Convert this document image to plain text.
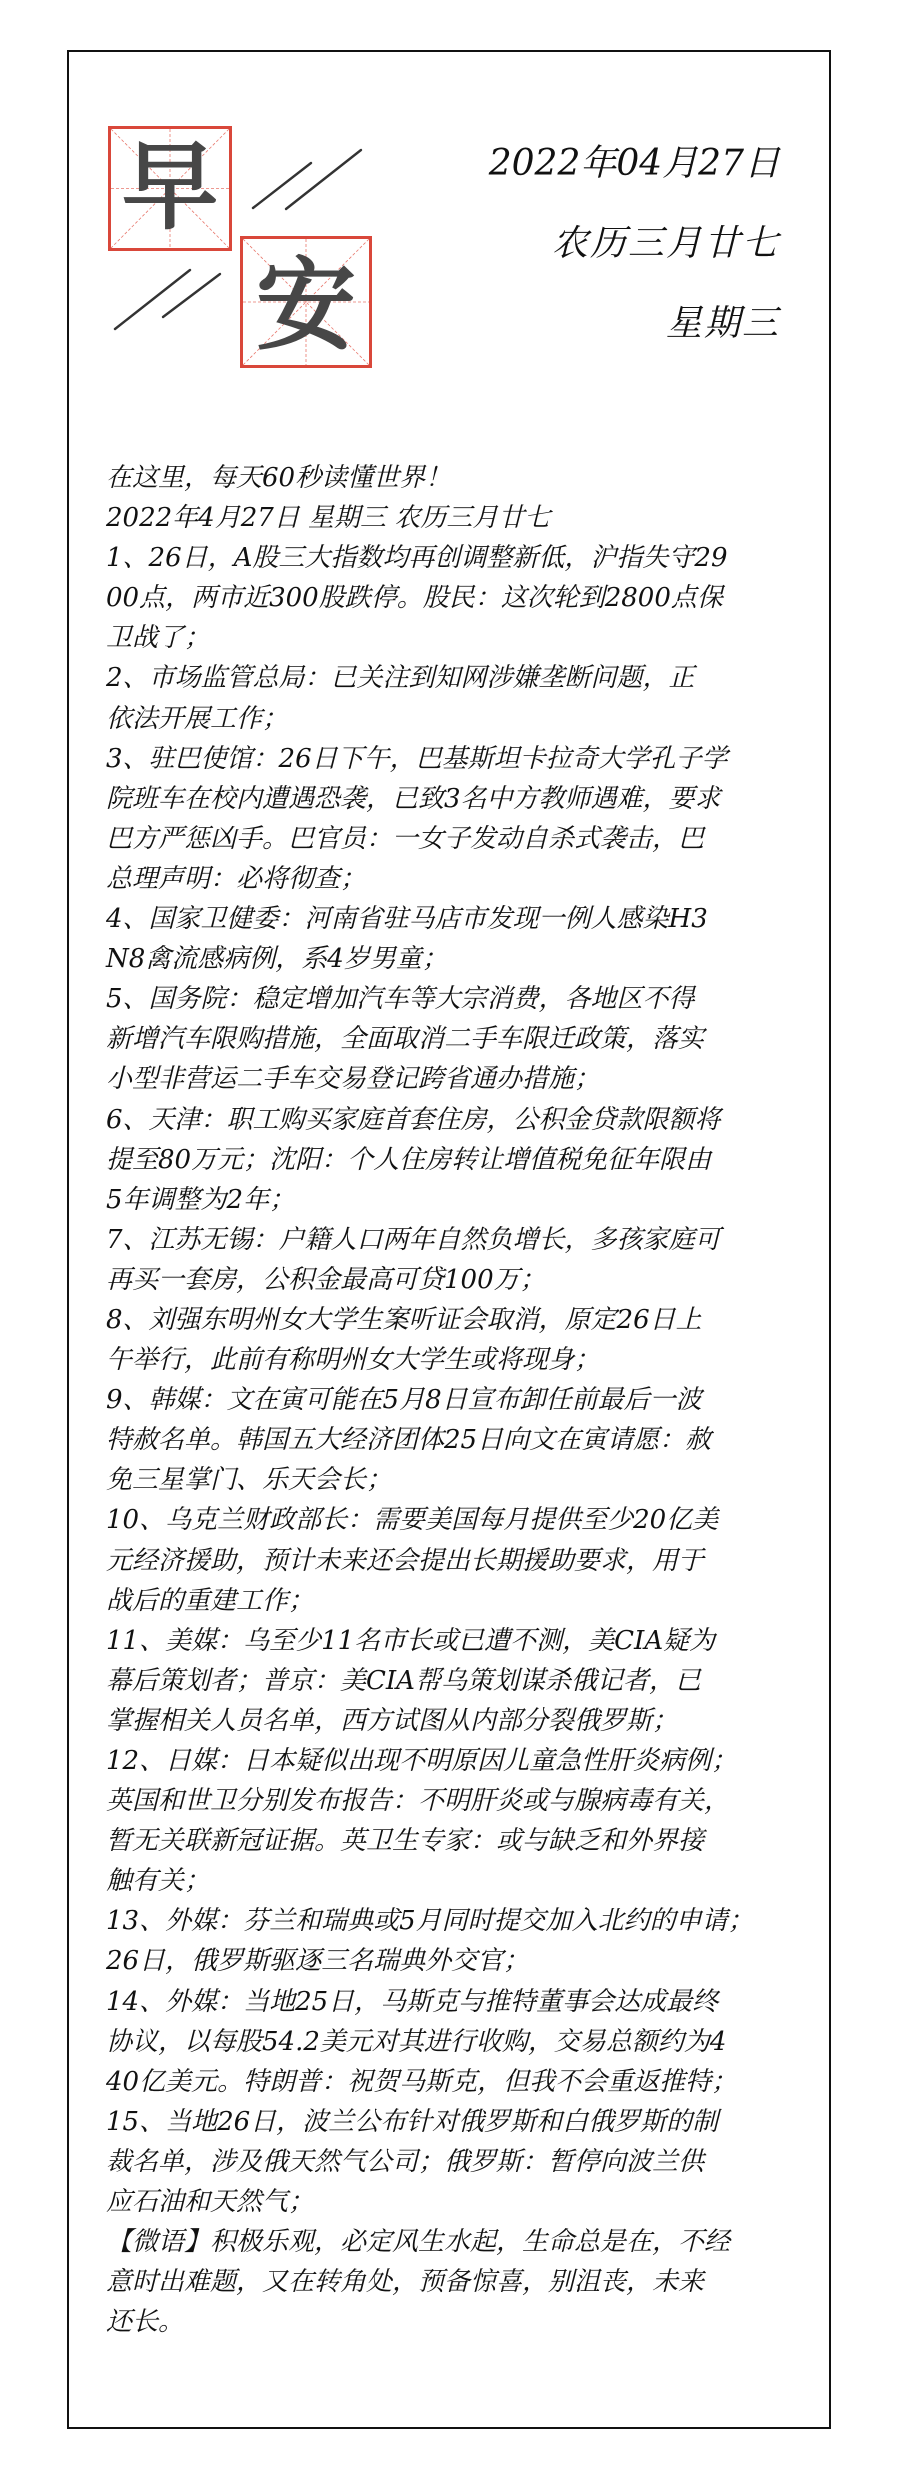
早
安
2022年04月27日
农历三月廿七
星期三
在这里，每天60秒读懂世界！
2022年4月27日 星期三 农历三月廿七
1、26日，A股三大指数均再创调整新低，沪指失守29
00点，两市近300股跌停。股民：这次轮到2800点保
卫战了；
2、市场监管总局：已关注到知网涉嫌垄断问题，正
依法开展工作；
3、驻巴使馆：26日下午，巴基斯坦卡拉奇大学孔子学
院班车在校内遭遇恐袭，已致3名中方教师遇难，要求
巴方严惩凶手。巴官员：一女子发动自杀式袭击，巴
总理声明：必将彻查；
4、国家卫健委：河南省驻马店市发现一例人感染H3
N8禽流感病例，系4岁男童；
5、国务院：稳定增加汽车等大宗消费，各地区不得
新增汽车限购措施，全面取消二手车限迁政策，落实
小型非营运二手车交易登记跨省通办措施；
6、天津：职工购买家庭首套住房，公积金贷款限额将
提至80万元；沈阳：个人住房转让增值税免征年限由
5年调整为2年；
7、江苏无锡：户籍人口两年自然负增长，多孩家庭可
再买一套房，公积金最高可贷100万；
8、刘强东明州女大学生案听证会取消，原定26日上
午举行，此前有称明州女大学生或将现身；
9、韩媒：文在寅可能在5月8日宣布卸任前最后一波
特赦名单。韩国五大经济团体25日向文在寅请愿：赦
免三星掌门、乐天会长；
10、乌克兰财政部长：需要美国每月提供至少20亿美
元经济援助，预计未来还会提出长期援助要求，用于
战后的重建工作；
11、美媒：乌至少11名市长或已遭不测，美CIA疑为
幕后策划者；普京：美CIA帮乌策划谋杀俄记者，已
掌握相关人员名单，西方试图从内部分裂俄罗斯；
12、日媒：日本疑似出现不明原因儿童急性肝炎病例；
英国和世卫分别发布报告：不明肝炎或与腺病毒有关，
暂无关联新冠证据。英卫生专家：或与缺乏和外界接
触有关；
13、外媒：芬兰和瑞典或5月同时提交加入北约的申请；
26日，俄罗斯驱逐三名瑞典外交官；
14、外媒：当地25日，马斯克与推特董事会达成最终
协议，以每股54.2美元对其进行收购，交易总额约为4
40亿美元。特朗普：祝贺马斯克，但我不会重返推特；
15、当地26日，波兰公布针对俄罗斯和白俄罗斯的制
裁名单，涉及俄天然气公司；俄罗斯：暂停向波兰供
应石油和天然气；
【微语】积极乐观，必定风生水起，生命总是在，不经
意时出难题，又在转角处，预备惊喜，别沮丧，未来
还长。
